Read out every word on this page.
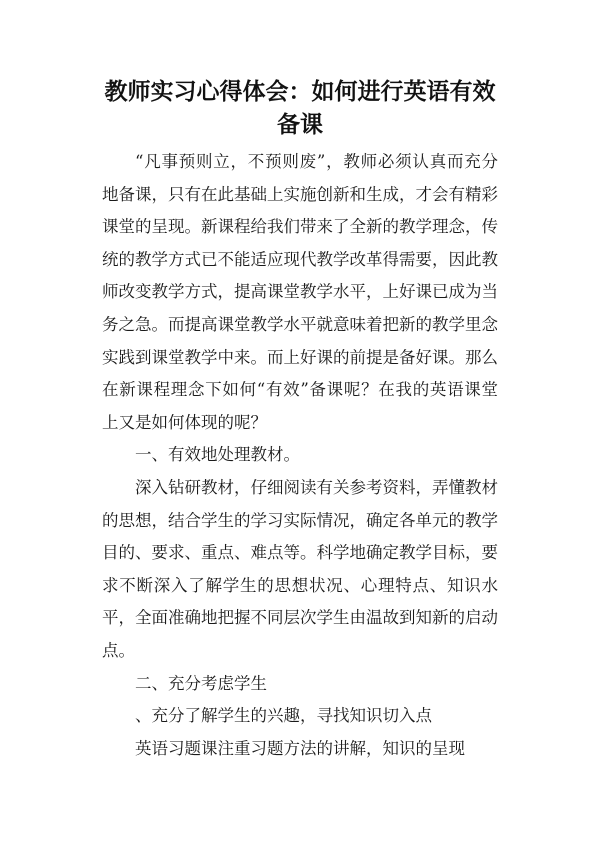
教师实习心得体会：如何进行英语有效备课

“凡事预则立，不预则废”，教师必须认真而充分地备课，只有在此基础上实施创新和生成，才会有精彩课堂的呈现。新课程给我们带来了全新的教学理念，传统的教学方式已不能适应现代教学改革得需要，因此教师改变教学方式，提高课堂教学水平，上好课已成为当务之急。而提高课堂教学水平就意味着把新的教学里念实践到课堂教学中来。而上好课的前提是备好课。那么在新课程理念下如何“有效”备课呢？在我的英语课堂上又是如何体现的呢？

一、有效地处理教材。

深入钻研教材，仔细阅读有关参考资料，弄懂教材的思想，结合学生的学习实际情况，确定各单元的教学目的、要求、重点、难点等。科学地确定教学目标，要求不断深入了解学生的思想状况、心理特点、知识水平，全面准确地把握不同层次学生由温故到知新的启动点。

二、充分考虑学生

、充分了解学生的兴趣，寻找知识切入点

英语习题课注重习题方法的讲解，知识的呈现
